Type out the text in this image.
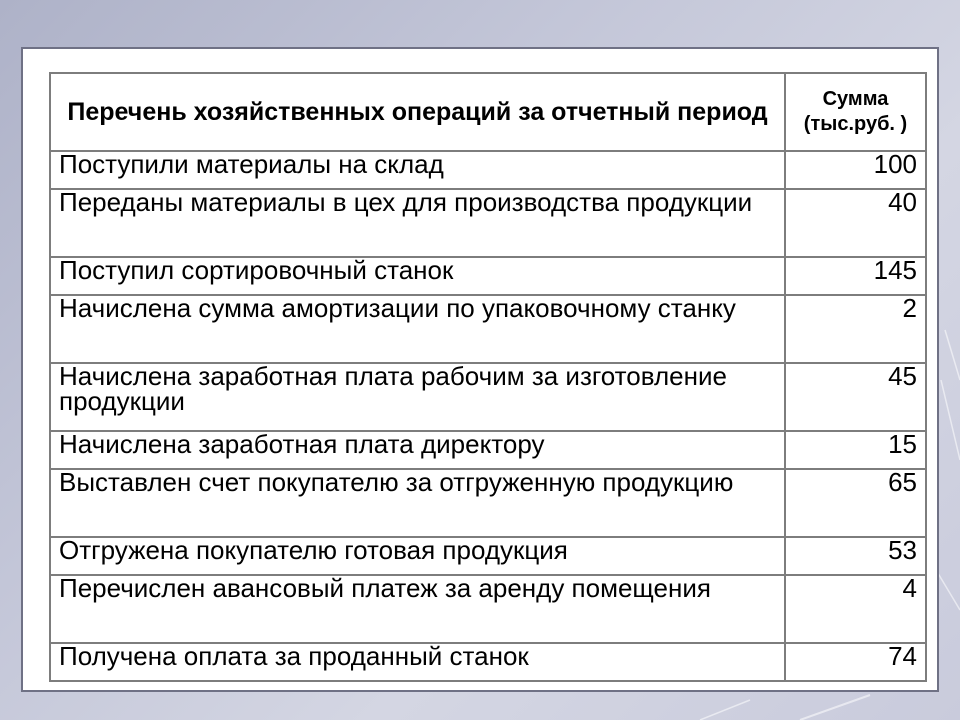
Перечень хозяйственных операций за отчетный период	Сумма (тыс.руб. )
Поступили материалы на склад	100
Переданы материалы в цех для производства продукции	40
Поступил сортировочный станок	145
Начислена сумма амортизации по упаковочному станку	2
Начислена заработная плата рабочим за изготовление продукции	45
Начислена заработная плата директору	15
Выставлен счет покупателю за отгруженную продукцию	65
Отгружена покупателю готовая продукция	53
Перечислен авансовый платеж за аренду помещения	4
Получена оплата за проданный станок	74
